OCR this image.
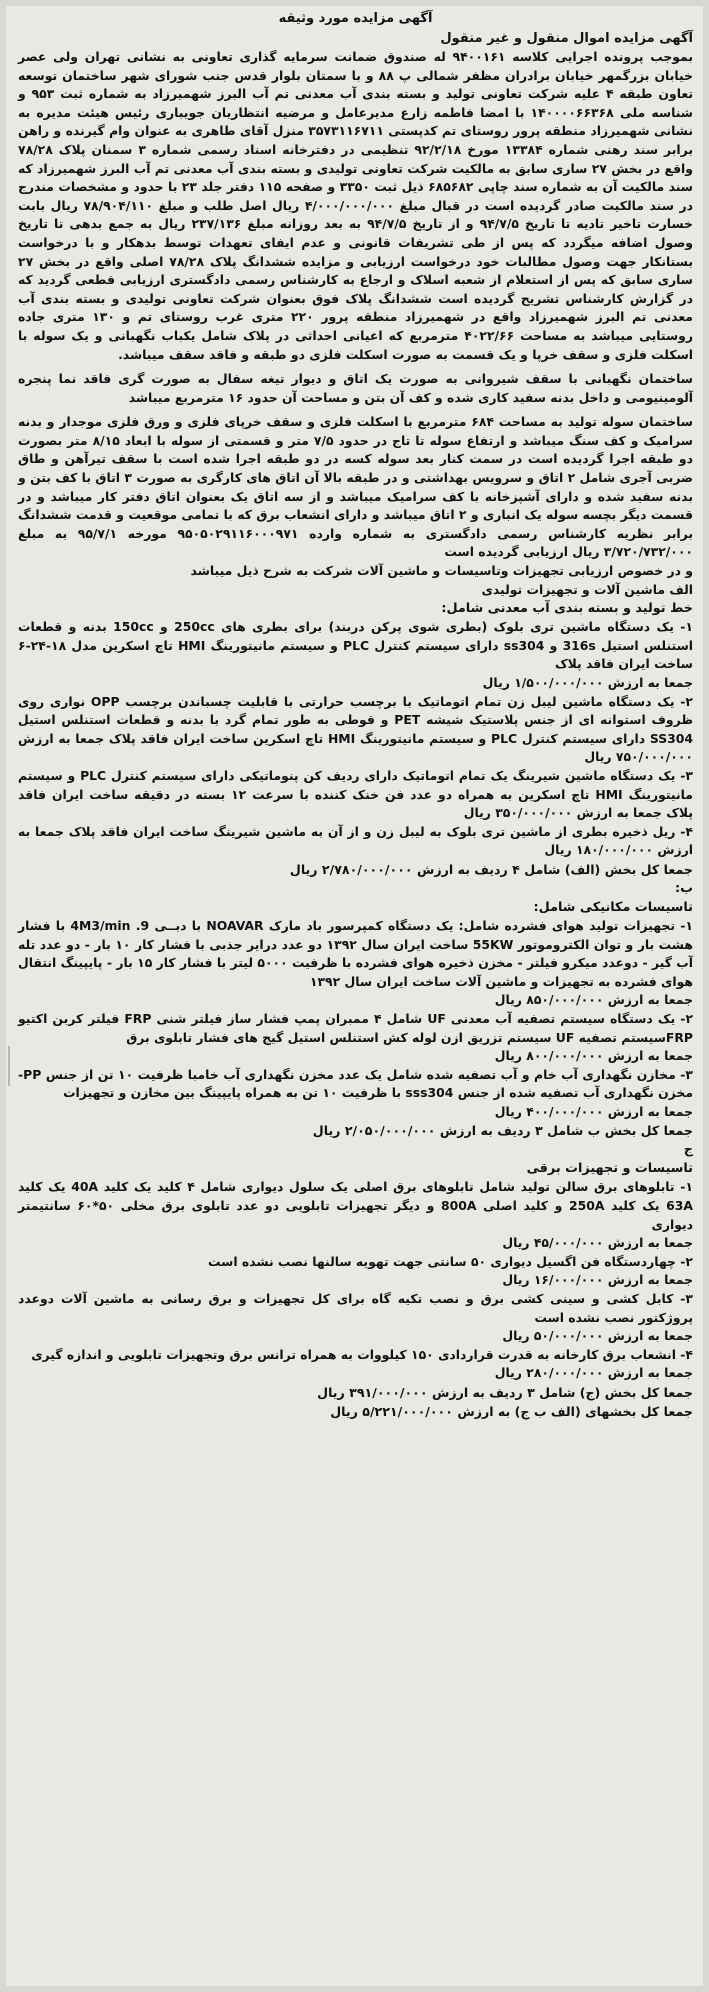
آگهی مزایده مورد وثیقه

آگهی مزایده اموال منقول و غیر منقول

بموجب پرونده اجرایی کلاسه ۹۴۰۰۱۶۱ له صندوق ضمانت سرمایه گذاری تعاونی به نشانی تهران ولی عصر خیابان بزرگمهر خیابان برادران مظفر شمالی پ ۸۸ و با سمتان بلوار قدس جنب شورای شهر ساختمان توسعه تعاون طبقه ۴ علیه شرکت تعاونی تولید و بسته بندی آب معدنی تم آب البرز شهمیرزاد به شماره ثبت ۹۵۳ و شناسه ملی ۱۴۰۰۰۰۶۶۳۶۸ با امضا فاطمه زارع مدیرعامل و مرضیه انتظاریان جویباری رئیس هیئت مدیره به نشانی شهمیرزاد منطقه پرور روستای تم کدپستی ۳۵۷۳۱۱۶۷۱۱ منزل آقای طاهری به عنوان وام گیرنده و راهن برابر سند رهنی شماره ۱۳۳۸۴ مورخ ۹۲/۲/۱۸ تنظیمی در دفترخانه اسناد رسمی شماره ۳ سمنان پلاک ۷۸/۲۸ واقع در بخش ۲۷ ساری سابق به مالکیت شرکت تعاونی تولیدی و بسته بندی آب معدنی تم آب البرز شهمیرزاد که سند مالکیت آن به شماره سند چاپی ۶۸۵۶۸۲ ذیل ثبت ۳۳۵۰ و صفحه ۱۱۵ دفتر جلد ۲۳ با حدود و مشخصات مندرج در سند مالکیت صادر گردیده است در قبال مبلغ ۴/۰۰۰/۰۰۰/۰۰۰ ریال اصل طلب و مبلغ ۷۸/۹۰۴/۱۱۰ ریال بابت خسارت تاخیر تادیه تا تاریخ ۹۴/۷/۵ و از تاریخ ۹۴/۷/۵ به بعد روزانه مبلغ ۲۳۷/۱۳۶ ریال به جمع بدهی تا تاریخ وصول اضافه میگردد که پس از طی تشریفات قانونی و عدم ایفای تعهدات توسط بدهکار و با درخواست بستانکار جهت وصول مطالبات خود درخواست ارزیابی و مزایده ششدانگ پلاک ۷۸/۲۸ اصلی واقع در بخش ۲۷ ساری سابق که پس از استعلام از شعبه اسلاک و ارجاع به کارشناس رسمی دادگستری ارزیابی قطعی گردید که در گزارش کارشناس تشریح گردیده است ششدانگ پلاک فوق بعنوان شرکت تعاونی تولیدی و بسته بندی آب معدنی تم البرز شهمیرزاد واقع در شهمیرزاد منطقه پرور ۲۲۰ متری غرب روستای تم و ۱۳۰ متری جاده روستایی میباشد به مساحت ۴۰۲۲/۶۶ مترمربع که اعیانی احداثی در پلاک شامل یکباب نگهبانی و یک سوله با اسکلت فلزی و سقف خرپا و یک قسمت به صورت اسکلت فلزی دو طبقه و فاقد سقف میباشد.

ساختمان نگهبانی با سقف شیروانی به صورت یک اتاق و دیوار تیغه سفال به صورت گری فاقد نما پنجره آلومینیومی و داخل بدنه سفید کاری شده و کف آن بتن و مساحت آن حدود ۱۶ مترمربع میباشد

ساختمان سوله تولید به مساحت ۶۸۴ مترمربع با اسکلت فلزی و سقف خرپای فلزی و ورق فلزی موجدار و بدنه سرامیک و کف سنگ میباشد و ارتفاع سوله تا تاج در حدود ۷/۵ متر و قسمتی از سوله با ابعاد ۸/۱۵ متر بصورت دو طبقه اجرا گردیده است در سمت کنار بعد سوله کسه در دو طبقه اجرا شده است با سقف تیرآهن و طاق ضربی آجری شامل ۲ اتاق و سرویس بهداشتی و در طبقه بالا آن اتاق های کارگری به صورت ۳ اتاق با کف بتن و بدنه سفید شده و دارای آشپزخانه با کف سرامیک میباشد و از سه اتاق یک بعنوان اتاق دفتر کار میباشد و در قسمت دیگر بچسه سوله یک انباری و ۲ اتاق میباشد و دارای انشعاب برق که با تمامی موقعیت و قدمت ششدانگ برابر نظریه کارشناس رسمی دادگستری به شماره وارده ۹۵۰۵۰۲۹۱۱۶۰۰۰۹۷۱ مورخه ۹۵/۷/۱ به مبلغ ۳/۷۲۰/۷۳۲/۰۰۰ ریال ارزیابی گردیده است

و در خصوص ارزیابی تجهیزات وتاسیسات و ماشین آلات شرکت به شرح ذیل میباشد

الف ماشین آلات و تجهیزات تولیدی

خط تولید و بسته بندی آب معدنی شامل:

۱- یک دستگاه ماشین تری بلوک (بطری شوی پرکن دربند) برای بطری های 250cc و 150cc بدنه و قطعات استنلس استیل 316s و ss304 دارای سیستم کنترل PLC و سیستم مانیتورینگ HMI تاچ اسکرین مدل ۱۸-۲۴-۶ ساخت ایران فاقد پلاک

جمعا به ارزش ۱/۵۰۰/۰۰۰/۰۰۰ ریال

۲- یک دستگاه ماشین لیبل زن تمام اتوماتیک با برچسب حرارتی با قابلیت چسباندن برچسب OPP نواری روی ظروف استوانه ای از جنس پلاستیک شیشه PET و قوطی به طور تمام گرد با بدنه و قطعات استنلس استیل SS304 دارای سیستم کنترل PLC و سیستم مانیتورینگ HMI تاچ اسکرین ساخت ایران فاقد پلاک جمعا به ارزش ۷۵۰/۰۰۰/۰۰۰ ریال

۳- یک دستگاه ماشین شیرینگ یک تمام اتوماتیک دارای ردیف کن پنوماتیکی دارای سیستم کنترل PLC و سیستم مانیتورینگ HMI تاچ اسکرین به همراه دو عدد فن خنک کننده با سرعت ۱۲ بسته در دقیقه ساخت ایران فاقد پلاک جمعا به ارزش ۳۵۰/۰۰۰/۰۰۰ ریال

۴- ریل ذخیره بطری از ماشین تری بلوک به لیبل زن و از آن به ماشین شیرینگ ساخت ایران فاقد پلاک جمعا به ارزش ۱۸۰/۰۰۰/۰۰۰ ریال

جمعا کل بخش (الف) شامل ۴ ردیف به ارزش ۲/۷۸۰/۰۰۰/۰۰۰ ریال

ب:

تاسیسات مکانیکی شامل:

۱- تجهیزات تولید هوای فشرده شامل: یک دستگاه کمپرسور باد مارک NOAVAR با دبــی 4M3/min .9 با فشار هشت بار و توان الکتروموتور 55KW ساخت ایران سال ۱۳۹۲ دو عدد درایر جذبی با فشار کار ۱۰ بار - دو عدد تله آب گیر - دوعدد میکرو فیلتر - مخزن ذخیره هوای فشرده با ظرفیت ۵۰۰۰ لیتر با فشار کار ۱۵ بار - پایپینگ انتقال هوای فشرده به تجهیزات و ماشین آلات ساخت ایران سال ۱۳۹۲

جمعا به ارزش ۸۵۰/۰۰۰/۰۰۰ ریال

۲- یک دستگاه سیستم تصفیه آب معدنی UF شامل ۴ ممبران پمپ فشار ساز فیلتر شنی FRP فیلتر کربن اکتیو FRPسیستم تصفیه UF سیستم تزریق ازن لوله کش استنلس استیل گیج های فشار تابلوی برق

جمعا به ارزش ۸۰۰/۰۰۰/۰۰۰ ریال

۳- مخازن نگهداری آب خام و آب تصفیه شده شامل یک عدد مخزن نگهداری آب خامبا ظرفیت ۱۰ تن از جنس PP- مخزن نگهداری آب تصفیه شده از جنس sss304 با ظرفیت ۱۰ تن به همراه پایپینگ بین مخازن و تجهیزات

جمعا به ارزش ۴۰۰/۰۰۰/۰۰۰ ریال

جمعا کل بخش ب شامل ۳ ردیف به ارزش ۲/۰۵۰/۰۰۰/۰۰۰ ریال

ج

تاسیسات و تجهیزات برقی

۱- تابلوهای برق سالن تولید شامل تابلوهای برق اصلی یک سلول دیواری شامل ۴ کلید یک کلید 40A یک کلید 63A یک کلید 250A و کلید اصلی 800A و دیگر تجهیزات تابلویی دو عدد تابلوی برق مخلی ۵۰*۶۰ سانتیمتر دیواری

جمعا به ارزش ۴۵/۰۰۰/۰۰۰ ریال

۲- چهاردستگاه فن اگسیل دیواری ۵۰ سانتی جهت تهویه سالنها نصب نشده است

جمعا به ارزش ۱۶/۰۰۰/۰۰۰ ریال

۳- کابل کشی و سینی کشی برق و نصب تکیه گاه برای کل تجهیزات و برق رسانی به ماشین آلات دوعدد پروژکتور نصب نشده است

جمعا به ارزش ۵۰/۰۰۰/۰۰۰ ریال

۴- انشعاب برق کارخانه به قدرت قراردادی ۱۵۰ کیلووات به همراه ترانس برق وتجهیزات تابلویی و اندازه گیری

جمعا به ارزش ۲۸۰/۰۰۰/۰۰۰ ریال

جمعا کل بخش (ج) شامل ۳ ردیف به ارزش ۳۹۱/۰۰۰/۰۰۰ ریال

جمعا کل بخشهای (الف ب ج) به ارزش ۵/۲۲۱/۰۰۰/۰۰۰ ریال
